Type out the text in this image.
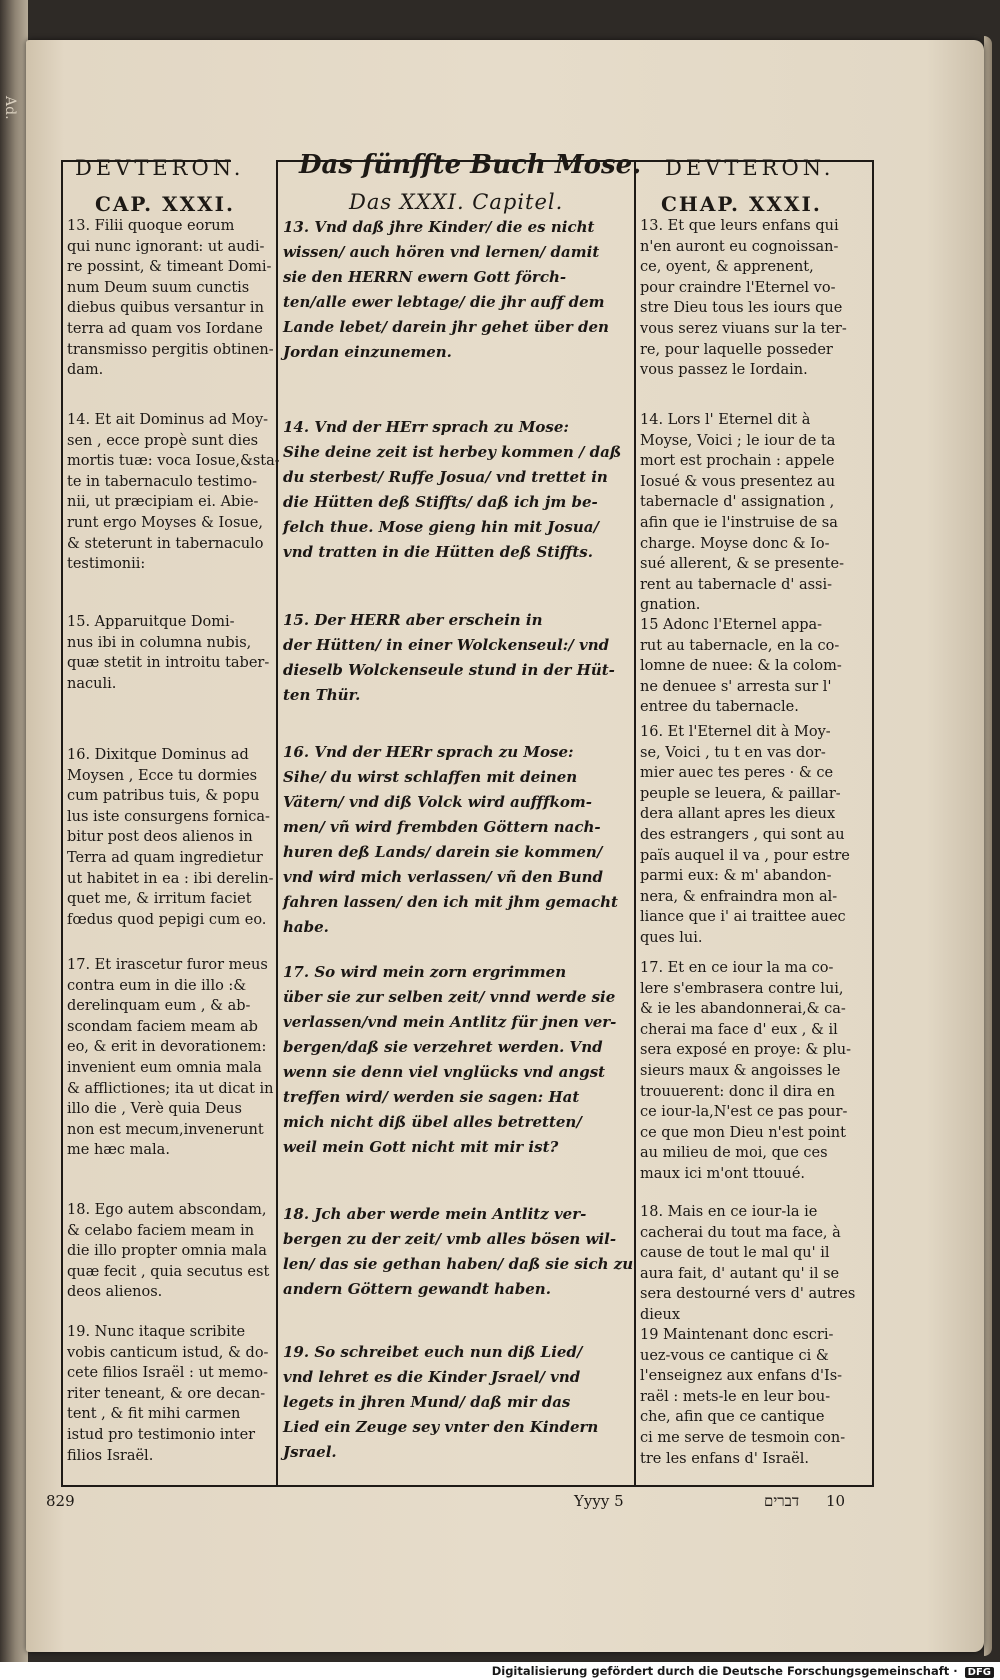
DEVTERON. Das fünffte Buch Mose. DEVTERON.
CAP. XXXI.	Das XXXI. Capitel.	CHAP. XXXI.

13. Filii quoque eorum
qui nunc ignorant: ut audi-
re possint, & timeant Domi-
num Deum suum cunctis
diebus quibus versantur in
terra ad quam vos Iordane
transmisso pergitis obtinen-
dam.

13. Vnd daß jhre Kinder/ die es nicht
wissen/ auch hören vnd lernen/ damit
sie den HERRN ewern Gott förch-
ten/alle ewer lebtage/ die jhr auff dem
Lande lebet/ darein jhr gehet über den
Jordan einzunemen.

13. Et que leurs enfans qui
n'en auront eu cognoissan-
ce, oyent, & apprenent,
pour craindre l'Eternel vo-
stre Dieu tous les iours que
vous serez viuans sur la ter-
re, pour laquelle posseder
vous passez le Iordain.

14. Et ait Dominus ad Moy-
sen , ecce propè sunt dies
mortis tuæ: voca Iosue,&sta-
te in tabernaculo testimo-
nii, ut præcipiam ei. Abie-
runt ergo Moyses & Iosue,
& steterunt in tabernaculo
testimonii:

14. Vnd der HErr sprach zu Mose:
Sihe deine zeit ist herbey kommen / daß
du sterbest/ Ruffe Josua/ vnd trettet in
die Hütten deß Stiffts/ daß ich jm be-
felch thue. Mose gieng hin mit Josua/
vnd tratten in die Hütten deß Stiffts.

14. Lors l' Eternel dit à
Moyse, Voici ; le iour de ta
mort est prochain : appele
Iosué & vous presentez au
tabernacle d' assignation ,
afin que ie l'instruise de sa
charge. Moyse donc & Io-
sué allerent, & se presente-
rent au tabernacle d' assi-
gnation.

15. Apparuitque Domi-
nus ibi in columna nubis,
quæ stetit in introitu taber-
naculi.

15. Der HERR aber erschein in
der Hütten/ in einer Wolckenseul:/ vnd
dieselb Wolckenseule stund in der Hüt-
ten Thür.

15 Adonc l'Eternel appa-
rut au tabernacle, en la co-
lomne de nuee: & la colom-
ne denuee s' arresta sur l'
entree du tabernacle.

16. Dixitque Dominus ad
Moysen , Ecce tu dormies
cum patribus tuis, & popu
lus iste consurgens fornica-
bitur post deos alienos in
Terra ad quam ingredietur
ut habitet in ea : ibi derelin-
quet me, & irritum faciet
fœdus quod pepigi cum eo.

16. Vnd der HERr sprach zu Mose:
Sihe/ du wirst schlaffen mit deinen
Vätern/ vnd diß Volck wird aufffkom-
men/ vñ wird frembden Göttern nach-
huren deß Lands/ darein sie kommen/
vnd wird mich verlassen/ vñ den Bund
fahren lassen/ den ich mit jhm gemacht
habe.

16. Et l'Eternel dit à Moy-
se, Voici , tu t en vas dor-
mier auec tes peres · & ce
peuple se leuera, & paillar-
dera allant apres les dieux
des estrangers , qui sont au
païs auquel il va , pour estre
parmi eux: & m' abandon-
nera, & enfraindra mon al-
liance que i' ai traittee auec
ques lui.

17. Et irascetur furor meus
contra eum in die illo :&
derelinquam eum , & ab-
scondam faciem meam ab
eo, & erit in devorationem:
invenient eum omnia mala
& afflictiones; ita ut dicat in
illo die , Verè quia Deus
non est mecum,invenerunt
me hæc mala.

17. So wird mein zorn ergrimmen
über sie zur selben zeit/ vnnd werde sie
verlassen/vnd mein Antlitz für jnen ver-
bergen/daß sie verzehret werden. Vnd
wenn sie denn viel vnglücks vnd angst
treffen wird/ werden sie sagen: Hat
mich nicht diß übel alles betretten/
weil mein Gott nicht mit mir ist?

17. Et en ce iour la ma co-
lere s'embrasera contre lui,
& ie les abandonnerai,& ca-
cherai ma face d' eux , & il
sera exposé en proye: & plu-
sieurs maux & angoisses le
trouuerent: donc il dira en
ce iour-la,N'est ce pas pour-
ce que mon Dieu n'est point
au milieu de moi, que ces
maux ici m'ont ttouué.

18. Ego autem abscondam,
& celabo faciem meam in
die illo propter omnia mala
quæ fecit , quia secutus est
deos alienos.

18. Jch aber werde mein Antlitz ver-
bergen zu der zeit/ vmb alles bösen wil-
len/ das sie gethan haben/ daß sie sich zu
andern Göttern gewandt haben.

18. Mais en ce iour-la ie
cacherai du tout ma face, à
cause de tout le mal qu' il
aura fait, d' autant qu' il se
sera destourné vers d' autres
dieux

19. Nunc itaque scribite
vobis canticum istud, & do-
cete filios Israël : ut memo-
riter teneant, & ore decan-
tent , & fit mihi carmen
istud pro testimonio inter
filios Israël.

19. So schreibet euch nun diß Lied/
vnd lehret es die Kinder Jsrael/ vnd
legets in jhren Mund/ daß mir das
Lied ein Zeuge sey vnter den Kindern
Jsrael.

19 Maintenant donc escri-
uez-vous ce cantique ci &
l'enseignez aux enfans d'Is-
raël : mets-le en leur bou-
che, afin que ce cantique
ci me serve de tesmoin con-
tre les enfans d' Israël.

829	Yyyy 5	דברים 10
Ad.
Digitalisierung gefördert durch die Deutsche Forschungsgemeinschaft · DFG
